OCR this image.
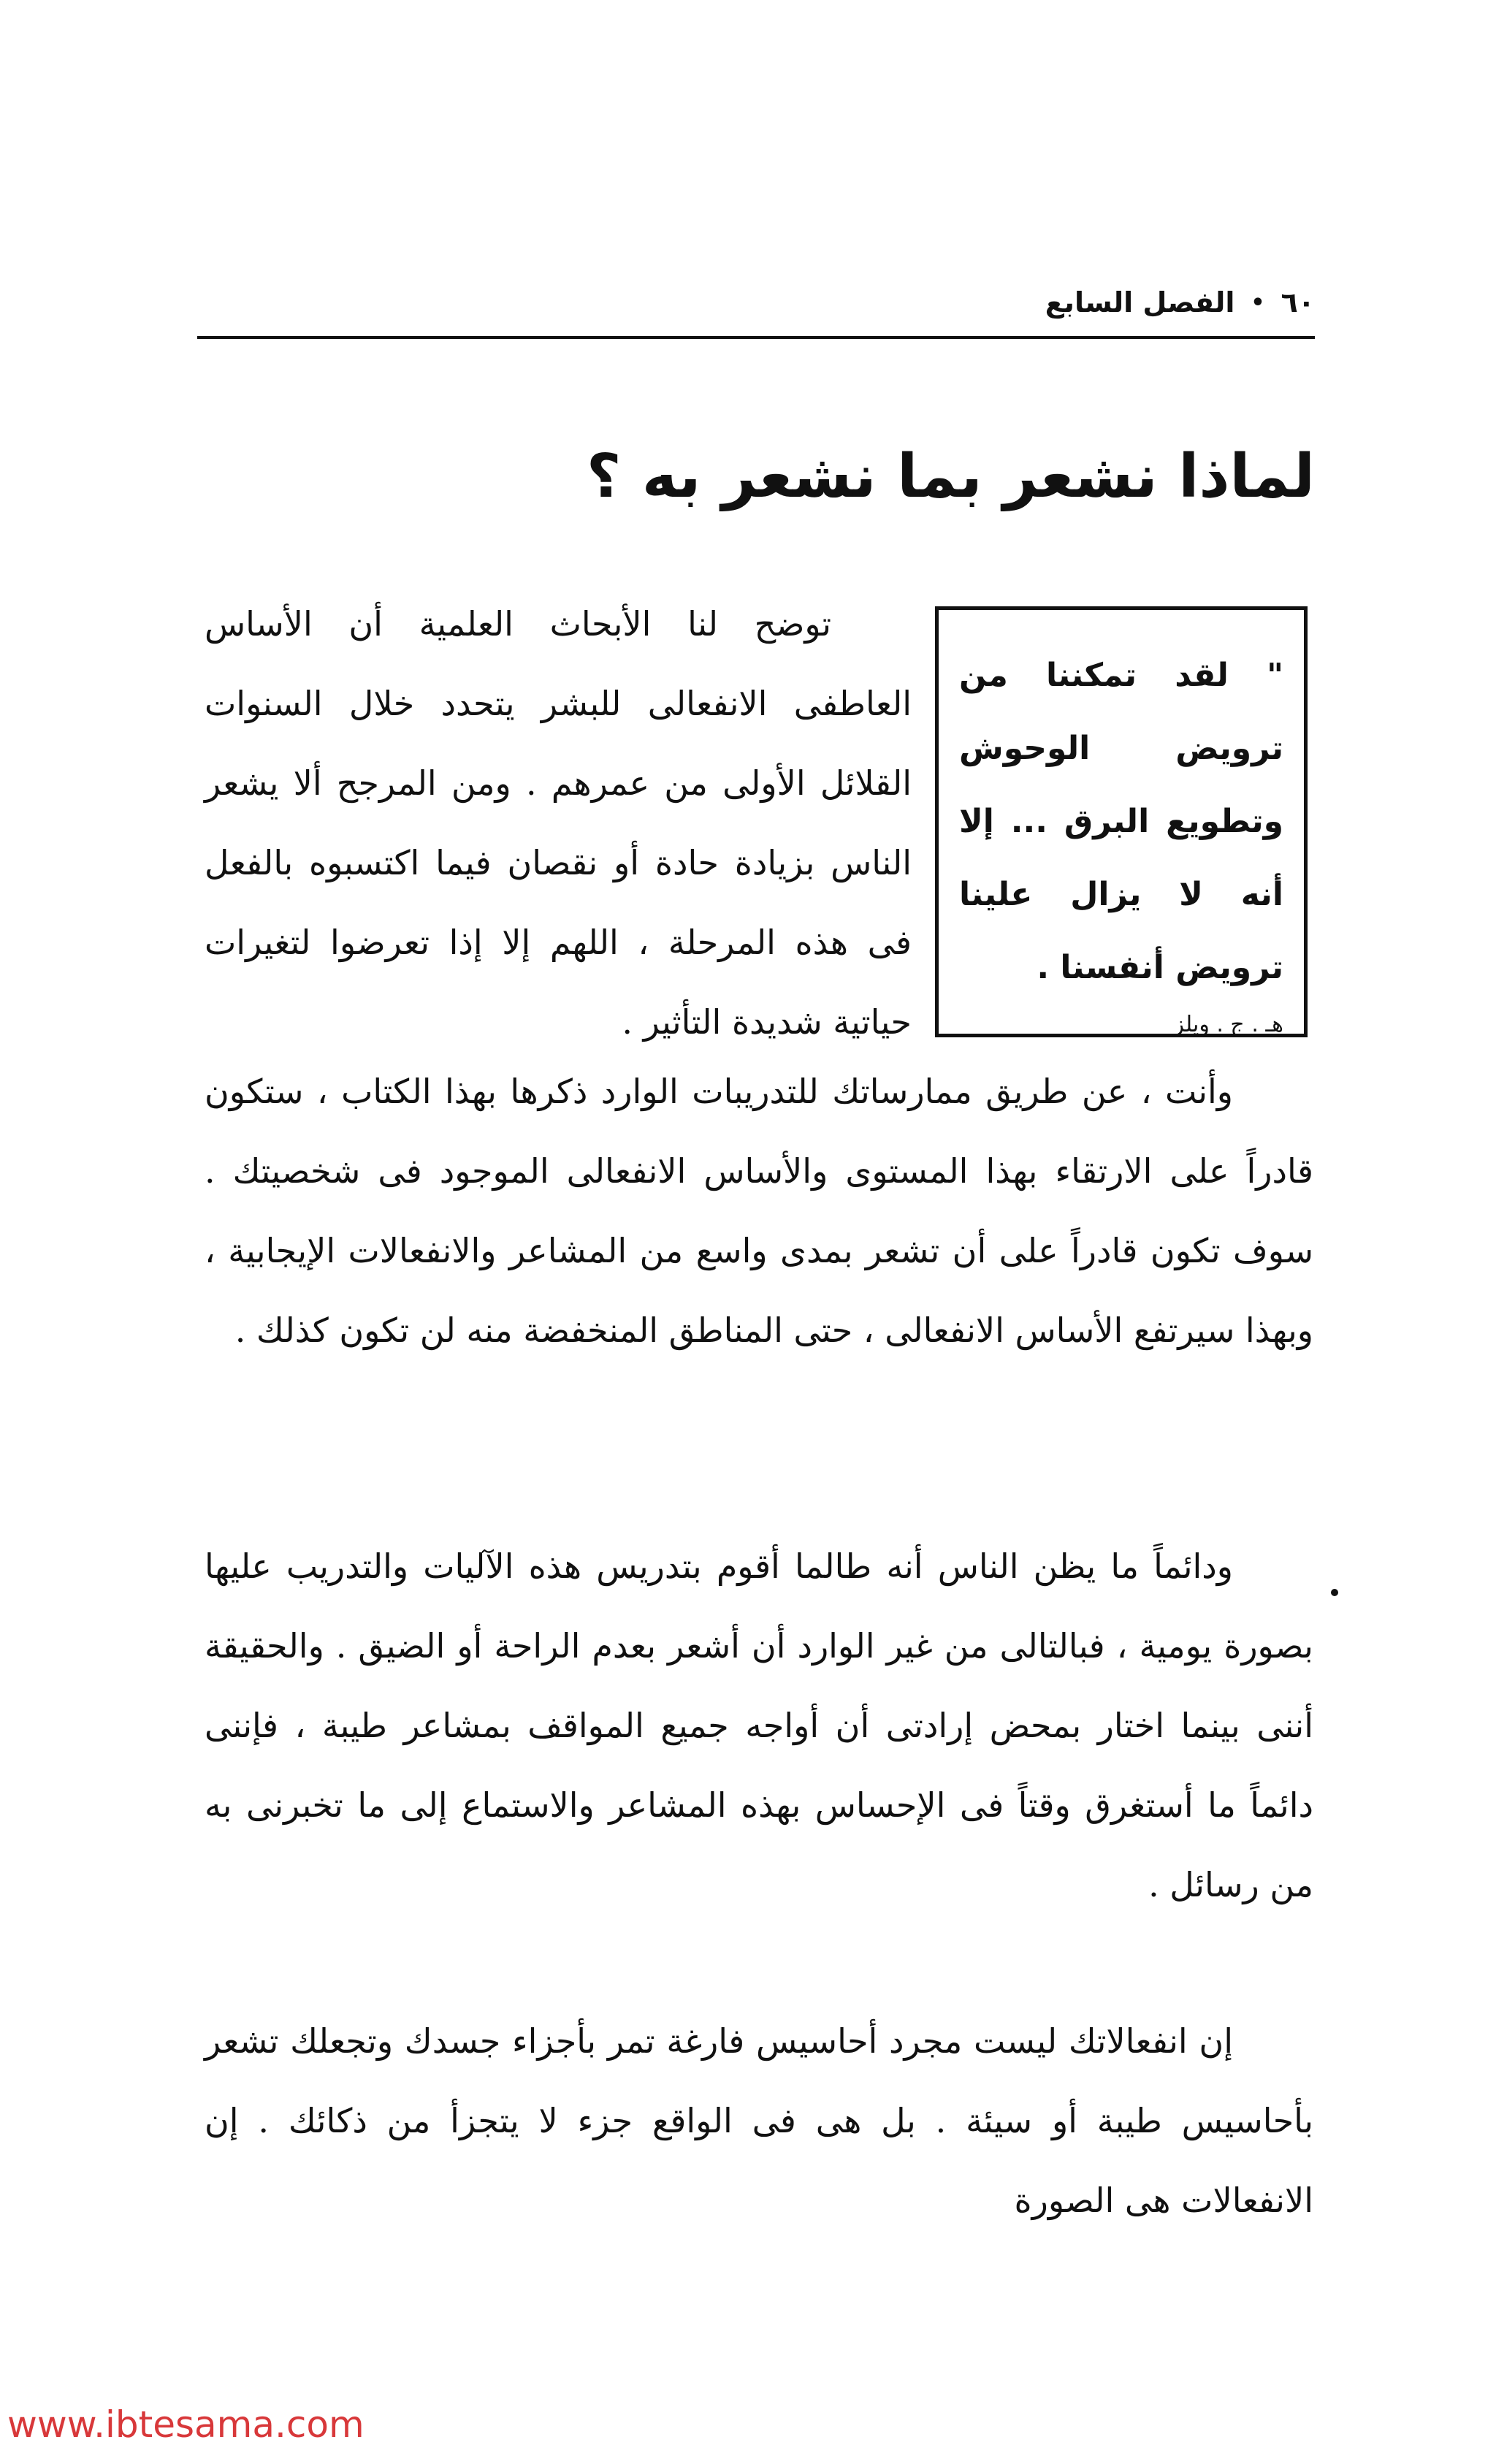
٦٠
•
الفصل السابع
لماذا نشعر بما نشعر به ؟
" لقد تمكننا من ترويض الوحوش وتطويع البرق ... إلا أنه لا يزال علينا ترويض أنفسنا .
هـ . ج . ويلز

توضح لنا الأبحاث العلمية أن الأساس العاطفى الانفعالى للبشر يتحدد خلال السنوات القلائل الأولى من عمرهم . ومن المرجح ألا يشعر الناس بزيادة حادة أو نقصان فيما اكتسبوه بالفعل فى هذه المرحلة ، اللهم إلا إذا تعرضوا لتغيرات حياتية شديدة التأثير .

وأنت ، عن طريق ممارساتك للتدريبات الوارد ذكرها بهذا الكتاب ، ستكون قادراً على الارتقاء بهذا المستوى والأساس الانفعالى الموجود فى شخصيتك . سوف تكون قادراً على أن تشعر بمدى واسع من المشاعر والانفعالات الإيجابية ، وبهذا سيرتفع الأساس الانفعالى ، حتى المناطق المنخفضة منه لن تكون كذلك .

ودائماً ما يظن الناس أنه طالما أقوم بتدريس هذه الآليات والتدريب عليها بصورة يومية ، فبالتالى من غير الوارد أن أشعر بعدم الراحة أو الضيق . والحقيقة أننى بينما اختار بمحض إرادتى أن أواجه جميع المواقف بمشاعر طيبة ، فإننى دائماً ما أستغرق وقتاً فى الإحساس بهذه المشاعر والاستماع إلى ما تخبرنى به من رسائل .

إن انفعالاتك ليست مجرد أحاسيس فارغة تمر بأجزاء جسدك وتجعلك تشعر بأحاسيس طيبة أو سيئة . بل هى فى الواقع جزء لا يتجزأ من ذكائك . إن الانفعالات هى الصورة

www.ibtesama.com
